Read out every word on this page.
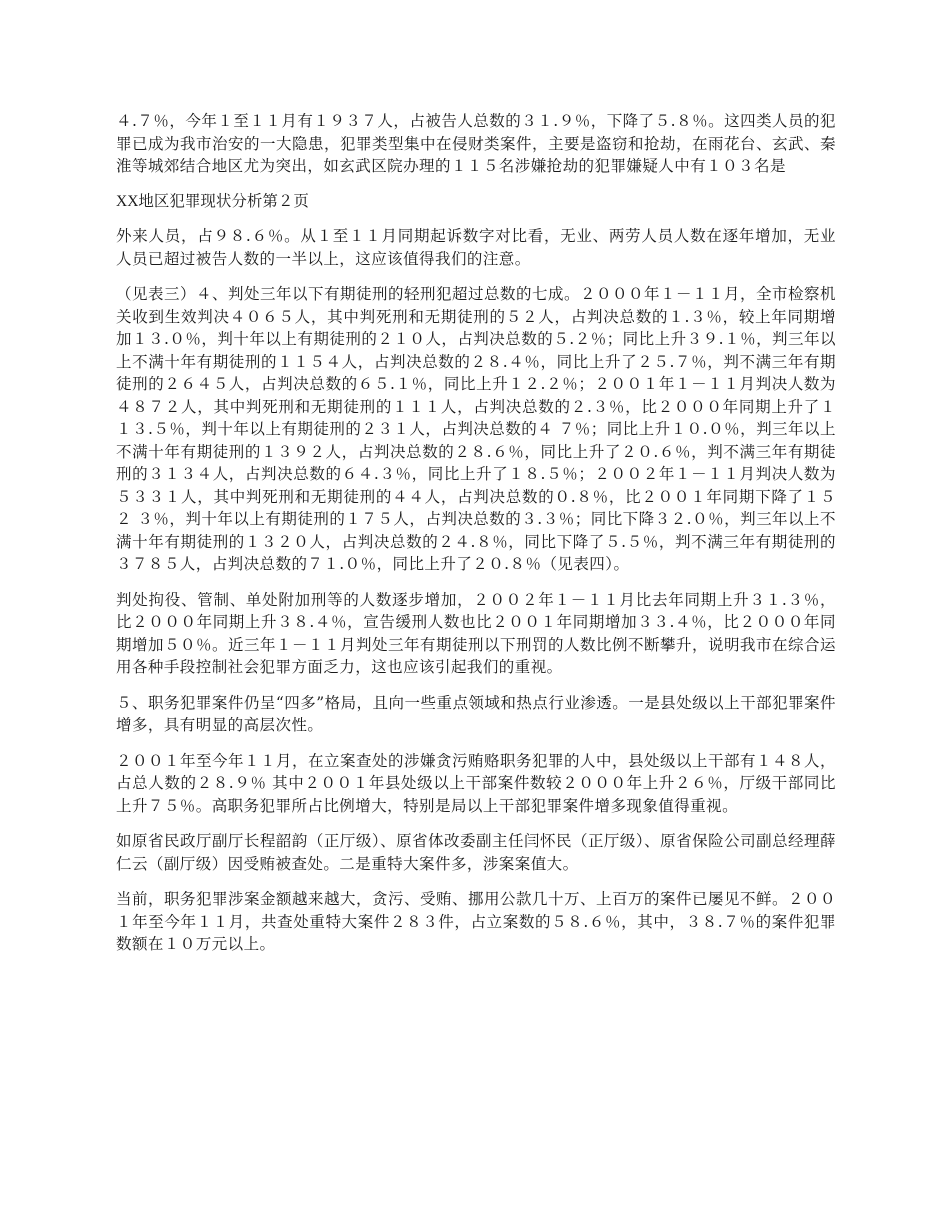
４.７％，今年１至１１月有１９３７人，占被告人总数的３１.９％，下降了５.８％。这四类人员的犯罪已成为我市治安的一大隐患，犯罪类型集中在侵财类案件，主要是盗窃和抢劫，在雨花台、玄武、秦淮等城郊结合地区尤为突出，如玄武区院办理的１１５名涉嫌抢劫的犯罪嫌疑人中有１０３名是

XX地区犯罪现状分析第２页

外来人员，占９８.６％。从１至１１月同期起诉数字对比看，无业、两劳人员人数在逐年增加，无业人员已超过被告人数的一半以上，这应该值得我们的注意。

（见表三）４、判处三年以下有期徒刑的轻刑犯超过总数的七成。２０００年１－１１月，全市检察机关收到生效判决４０６５人，其中判死刑和无期徒刑的５２人，占判决总数的１.３％，较上年同期增加１３.０％，判十年以上有期徒刑的２１０人，占判决总数的５.２％；同比上升３９.１％，判三年以上不满十年有期徒刑的１１５４人，占判决总数的２８.４％，同比上升了２５.７％，判不满三年有期徒刑的２６４５人，占判决总数的６５.１％，同比上升１２.２％；２００１年１－１１月判决人数为４８７２人，其中判死刑和无期徒刑的１１１人，占判决总数的２.３％，比２０００年同期上升了１１３.５％，判十年以上有期徒刑的２３１人，占判决总数的４ ７％；同比上升１０.０％，判三年以上不满十年有期徒刑的１３９２人，占判决总数的２８.６％，同比上升了２０.６％，判不满三年有期徒刑的３１３４人，占判决总数的６４.３％，同比上升了１８.５％；２００２年１－１１月判决人数为５３３１人，其中判死刑和无期徒刑的４４人，占判决总数的０.８％，比２００１年同期下降了１５２ ３％，判十年以上有期徒刑的１７５人，占判决总数的３.３％；同比下降３２.０％，判三年以上不满十年有期徒刑的１３２０人，占判决总数的２４.８％，同比下降了５.５％，判不满三年有期徒刑的３７８５人，占判决总数的７１.０％，同比上升了２０.８％（见表四）。

判处拘役、管制、单处附加刑等的人数逐步增加，２００２年１－１１月比去年同期上升３１.３％，比２０００年同期上升３８.４％，宣告缓刑人数也比２００１年同期增加３３.４％，比２０００年同期增加５０％。近三年１－１１月判处三年有期徒刑以下刑罚的人数比例不断攀升，说明我市在综合运用各种手段控制社会犯罪方面乏力，这也应该引起我们的重视。

５、职务犯罪案件仍呈“四多”格局，且向一些重点领域和热点行业渗透。一是县处级以上干部犯罪案件增多，具有明显的高层次性。

２００１年至今年１１月，在立案查处的涉嫌贪污贿赂职务犯罪的人中，县处级以上干部有１４８人，占总人数的２８.９％ 其中２００１年县处级以上干部案件数较２０００年上升２６％，厅级干部同比上升７５％。高职务犯罪所占比例增大，特别是局以上干部犯罪案件增多现象值得重视。

如原省民政厅副厅长程韶韵（正厅级）、原省体改委副主任闫怀民（正厅级）、原省保险公司副总经理薛仁云（副厅级）因受贿被查处。二是重特大案件多，涉案案值大。

当前，职务犯罪涉案金额越来越大，贪污、受贿、挪用公款几十万、上百万的案件已屡见不鲜。２００１年至今年１１月，共查处重特大案件２８３件，占立案数的５８.６％，其中，３８.７％的案件犯罪数额在１０万元以上。
